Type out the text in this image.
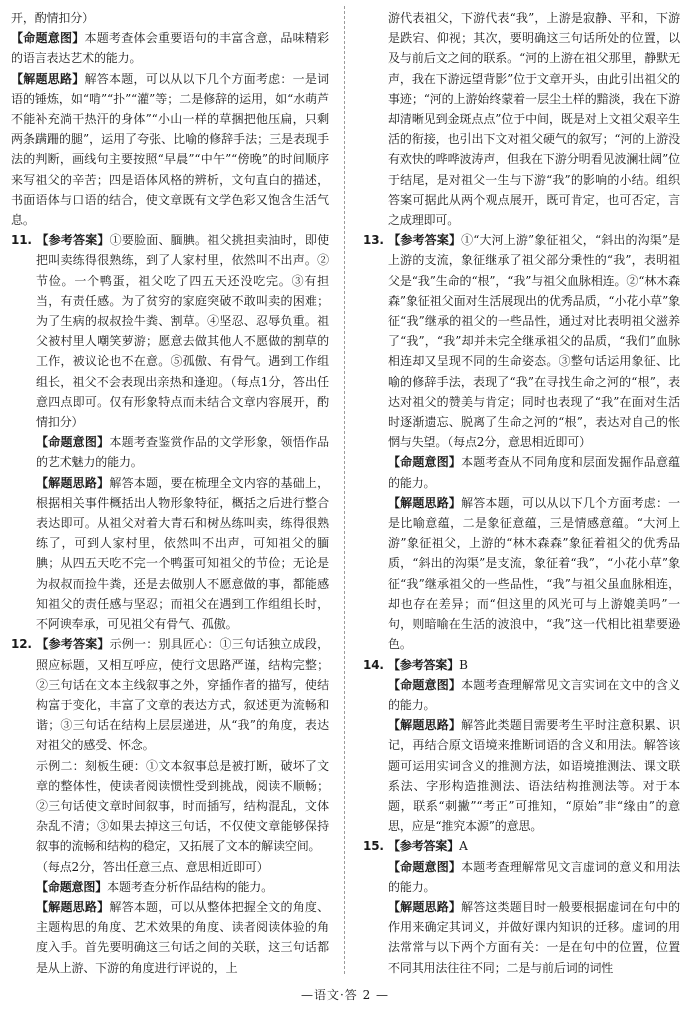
开，酌情扣分）

【命题意图】本题考查体会重要语句的丰富含意，品味精彩的语言表达艺术的能力。

【解题思路】解答本题，可以从以下几个方面考虑：一是词语的锤炼，如“啃”“扑”“灌”等；二是修辞的运用，如“水萌芦不能补充淌干热汗的身体”“小山一样的草捆把他压扁，只剩两条蹒跚的腿”，运用了夸张、比喻的修辞手法；三是表现手法的判断，画线句主要按照“早晨”“中午”“傍晚”的时间顺序来写祖父的辛苦；四是语体风格的辨析，文句直白的描述，书面语体与口语的结合，使文章既有文学色彩又饱含生活气息。

11. 【参考答案】①要脸面、腼腆。祖父挑担卖油时，即使把叫卖练得很熟练，到了人家村里，依然叫不出声。②节俭。一个鸭蛋，祖父吃了四五天还没吃完。③有担当，有责任感。为了贫穷的家庭突破不敢叫卖的困难；为了生病的叔叔捡牛粪、割草。④坚忍、忍辱负重。祖父被村里人嘲笑萝游；愿意去做其他人不愿做的割草的工作，被议论也不在意。⑤孤傲、有骨气。遇到工作组组长，祖父不会表现出亲热和逢迎。（每点1分，答出任意四点即可。仅有形象特点而未结合文章内容展开，酌情扣分）

【命题意图】本题考查鉴赏作品的文学形象，领悟作品的艺术魅力的能力。

【解题思路】解答本题，要在梳理全文内容的基础上，根据相关事件概括出人物形象特征，概括之后进行整合表达即可。从祖父对着大青石和树丛练叫卖，练得很熟练了，可到人家村里，依然叫不出声，可知祖父的腼腆；从四五天吃不完一个鸭蛋可知祖父的节俭；无论是为叔叔而捡牛粪，还是去做别人不愿意做的事，都能感知祖父的责任感与坚忍；而祖父在遇到工作组组长时，不阿谀奉承，可见祖父有骨气、孤傲。

12. 【参考答案】示例一：别具匠心：①三句话独立成段，照应标题，又相互呼应，使行文思路严谨，结构完整；②三句话在文本主线叙事之外，穿插作者的描写，使结构富于变化，丰富了文章的表达方式，叙述更为流畅和谐；③三句话在结构上层层递进，从“我”的角度，表达对祖父的感受、怀念。

示例二：刻板生硬：①文本叙事总是被打断，破坏了文章的整体性，使读者阅读惯性受到挑战，阅读不顺畅；②三句话使文章时间叙事，时而插写，结构混乱，文体杂乱不清；③如果去掉这三句话，不仅使文章能够保持叙事的流畅和结构的稳定，又拓展了文本的解读空间。

（每点2分，答出任意三点、意思相近即可）

【命题意图】本题考查分析作品结构的能力。

【解题思路】解答本题，可以从整体把握全文的角度、主题构思的角度、艺术效果的角度、读者阅读体验的角度入手。首先要明确这三句话之间的关联，这三句话都是从上游、下游的角度进行评说的，上

游代表祖父，下游代表“我”，上游是寂静、平和，下游是跌宕、仰视；其次，要明确这三句话所处的位置，以及与前后文之间的联系。“河的上游在祖父那里，静默无声，我在下游远望背影”位于文章开头，由此引出祖父的事迹；“河的上游始终蒙着一层尘土样的黯淡，我在下游却清晰见到金斑点点”位于中间，既是对上文祖父艰辛生活的衔接，也引出下文对祖父硬气的叙写；“河的上游没有欢快的哗哗波涛声，但我在下游分明看见波澜壮阔”位于结尾，是对祖父一生与下游“我”的影响的小结。组织答案可据此从两个观点展开，既可肯定，也可否定，言之成理即可。

13. 【参考答案】①“大河上游”象征祖父，“斜出的沟渠”是上游的支流，象征继承了祖父部分秉性的“我”，表明祖父是“我”生命的“根”，“我”与祖父血脉相连。②“林木森森”象征祖父面对生活展现出的优秀品质，“小花小草”象征“我”继承的祖父的一些品性，通过对比表明祖父滋养了“我”，“我”却并未完全继承祖父的品质，“我们”血脉相连却又呈现不同的生命姿态。③整句话运用象征、比喻的修辞手法，表现了“我”在寻找生命之河的“根”，表达对祖父的赞美与肯定；同时也表现了“我”在面对生活时逐渐遗忘、脱离了生命之河的“根”，表达对自己的怅惘与失望。（每点2分，意思相近即可）

【命题意图】本题考查从不同角度和层面发掘作品意蕴的能力。

【解题思路】解答本题，可以从以下几个方面考虑：一是比喻意蕴，二是象征意蕴，三是情感意蕴。“大河上游”象征祖父，上游的“林木森森”象征着祖父的优秀品质，“斜出的沟渠”是支流，象征着“我”，“小花小草”象征“我”继承祖父的一些品性，“我”与祖父虽血脉相连，却也存在差异；而“但这里的风光可与上游媲美吗”一句，则暗喻在生活的波浪中，“我”这一代相比祖辈要逊色。

14. 【参考答案】B

【命题意图】本题考查理解常见文言实词在文中的含义的能力。

【解题思路】解答此类题目需要考生平时注意积累、识记，再结合原文语境来推断词语的含义和用法。解答该题可运用实词含义的推测方法，如语境推测法、课文联系法、字形构造推测法、语法结构推测法等。对于本题，联系“刺撇”“考正”可推知，“原始”非“缘由”的意思，应是“推究本源”的意思。

15. 【参考答案】A

【命题意图】本题考查理解常见文言虚词的意义和用法的能力。

【解题思路】解答这类题目时一般要根据虚词在句中的作用来确定其词义，并做好课内知识的迁移。虚词的用法常常与以下两个方面有关：一是在句中的位置，位置不同其用法往往不同；二是与前后词的词性

—语文·答 2 —
